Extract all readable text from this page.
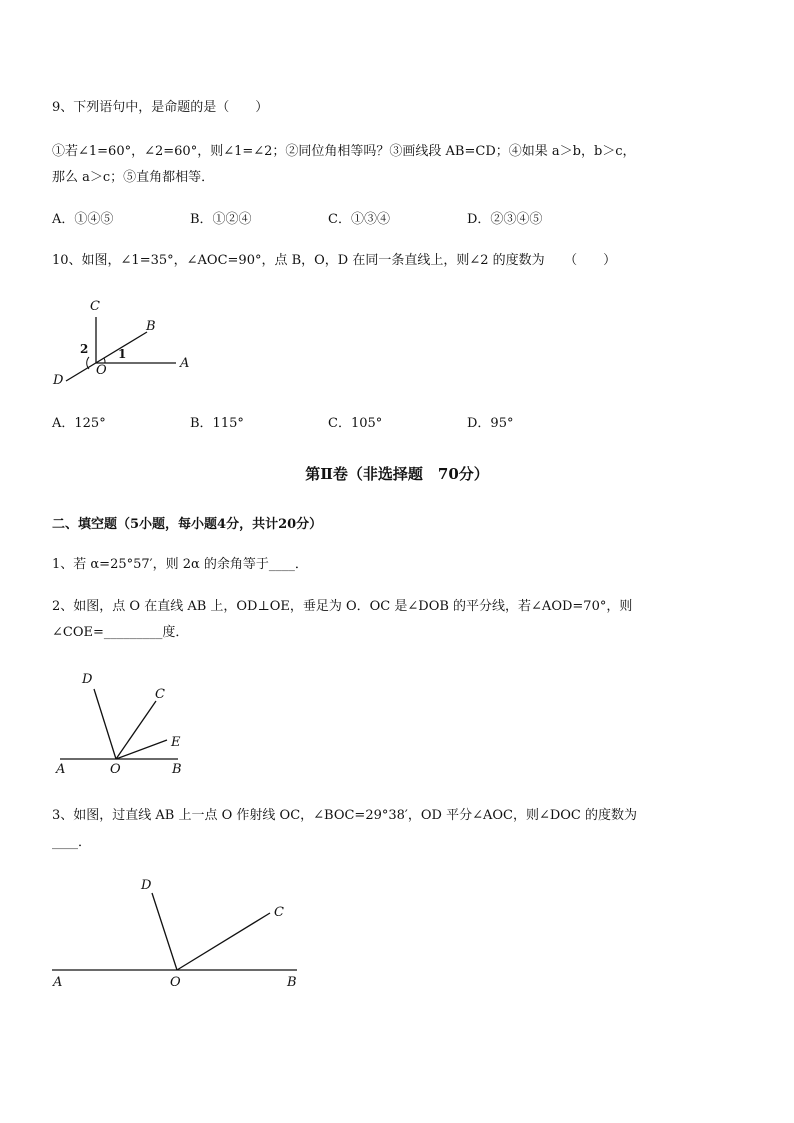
9、下列语句中，是命题的是（　　）
①若∠1=60°，∠2=60°，则∠1=∠2；②同位角相等吗？③画线段 AB=CD；④如果 a＞b，b＞c，
那么 a＞c；⑤直角都相等．
A．①④⑤	B．①②④	C．①③④	D．②③④⑤
10、如图，∠1=35°，∠AOC=90°，点 B，O，D 在同一条直线上，则∠2 的度数为　　（　　）
C
B
A
D
O
1
2
D
C
E
A	O	B
D
C
A	O	B
A．125°	B．115°	C．105°	D．95°
第Ⅱ卷（非选择题　70分）
二、填空题（5小题，每小题4分，共计20分）
1、若 α=25°57′，则 2α 的余角等于____．
2、如图，点 O 在直线 AB 上，OD⊥OE，垂足为 O．OC 是∠DOB 的平分线，若∠AOD=70°，则
∠COE=_________度．
3、如图，过直线 AB 上一点 O 作射线 OC，∠BOC=29°38′，OD 平分∠AOC，则∠DOC 的度数为
____．
